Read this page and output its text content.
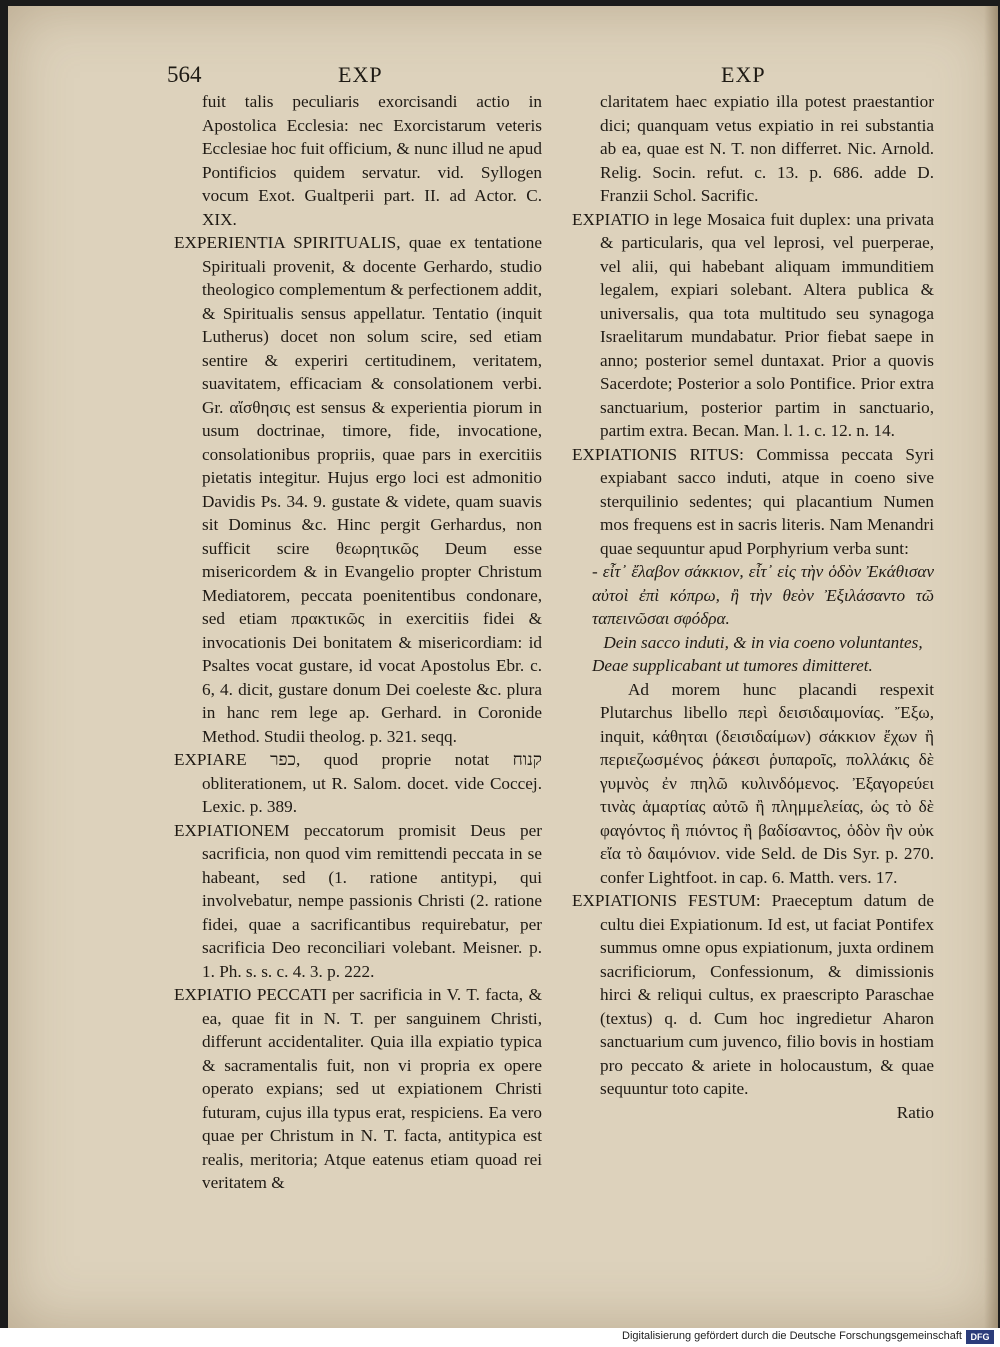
564	EXP	EXP

fuit talis peculiaris exorcisandi actio in Apostolica Ecclesia: nec Exorcistarum veteris Ecclesiae hoc fuit officium, & nunc illud ne apud Pontificios quidem servatur. vid. Syllogen vocum Exot. Gualtperii part. II. ad Actor. C. XIX.

EXPERIENTIA SPIRITUALIS, quae ex tentatione Spirituali provenit, & docente Gerhardo, studio theologico complementum & perfectionem addit, & Spiritualis sensus appellatur. Tentatio (inquit Lutherus) docet non solum scire, sed etiam sentire & experiri certitudinem, veritatem, suavitatem, efficaciam & consolationem verbi. Gr. αἴσθησις est sensus & experientia piorum in usum doctrinae, timore, fide, invocatione, consolationibus propriis, quae pars in exercitiis pietatis integitur. Hujus ergo loci est admonitio Davidis Ps. 34. 9. gustate & videte, quam suavis sit Dominus &c. Hinc pergit Gerhardus, non sufficit scire θεωρητικῶς Deum esse misericordem & in Evangelio propter Christum Mediatorem, peccata poenitentibus condonare, sed etiam πρακτικῶς in exercitiis fidei & invocationis Dei bonitatem & misericordiam: id Psaltes vocat gustare, id vocat Apostolus Ebr. c. 6, 4. dicit, gustare donum Dei coeleste &c. plura in hanc rem lege ap. Gerhard. in Coronide Method. Studii theolog. p. 321. seqq.

EXPIARE כפר, quod proprie notat קנוח obliterationem, ut R. Salom. docet. vide Coccej. Lexic. p. 389.

EXPIATIONEM peccatorum promisit Deus per sacrificia, non quod vim remittendi peccata in se habeant, sed (1. ratione antitypi, qui involvebatur, nempe passionis Christi (2. ratione fidei, quae a sacrificantibus requirebatur, per sacrificia Deo reconciliari volebant. Meisner. p. 1. Ph. s. s. c. 4. 3. p. 222.

EXPIATIO PECCATI per sacrificia in V. T. facta, & ea, quae fit in N. T. per sanguinem Christi, differunt accidentaliter. Quia illa expiatio typica & sacramentalis fuit, non vi propria ex opere operato expians; sed ut expiationem Christi futuram, cujus illa typus erat, respiciens. Ea vero quae per Christum in N. T. facta, antitypica est realis, meritoria; Atque eatenus etiam quoad rei veritatem &

claritatem haec expiatio illa potest praestantior dici; quanquam vetus expiatio in rei substantia ab ea, quae est N. T. non differret. Nic. Arnold. Relig. Socin. refut. c. 13. p. 686. adde D. Franzii Schol. Sacrific.

EXPIATIO in lege Mosaica fuit duplex: una privata & particularis, qua vel leprosi, vel puerperae, vel alii, qui habebant aliquam immunditiem legalem, expiari solebant. Altera publica & universalis, qua tota multitudo seu synagoga Israelitarum mundabatur. Prior fiebat saepe in anno; posterior semel duntaxat. Prior a quovis Sacerdote; Posterior a solo Pontifice. Prior extra sanctuarium, posterior partim in sanctuario, partim extra. Becan. Man. l. 1. c. 12. n. 14.

EXPIATIONIS RITUS: Commissa peccata Syri expiabant sacco induti, atque in coeno sive sterquilinio sedentes; qui placantium Numen mos frequens est in sacris literis. Nam Menandri quae sequuntur apud Porphyrium verba sunt:

- εἶτ᾽ ἔλαβον σάκκιον, εἶτ᾽ εἰς τὴν ὁδὸν Ἐκάθισαν αὐτοὶ ἐπὶ κόπρω, ἢ τὴν θεὸν Ἐξιλάσαντο τῶ ταπεινῶσαι σφόδρα.

Dein sacco induti, & in via coeno voluntantes,

Deae supplicabant ut tumores dimitteret.

Ad morem hunc placandi respexit Plutarchus libello περὶ δεισιδαιμονίας. Ἔξω, inquit, κάθηται (δεισιδαίμων) σάκκιον ἔχων ἢ περιεζωσμένος ῥάκεσι ῥυπαροῖς, πολλάκις δὲ γυμνὸς ἐν πηλῶ κυλινδόμενος. Ἐξαγορεύει τινὰς ἁμαρτίας αὐτῶ ἢ πλημμελείας, ὡς τὸ δὲ φαγόντος ἢ πιόντος ἢ βαδίσαντος, ὁδὸν ἣν οὐκ εἴα τὸ δαιμόνιον. vide Seld. de Dis Syr. p. 270. confer Lightfoot. in cap. 6. Matth. vers. 17.

EXPIATIONIS FESTUM: Praeceptum datum de cultu diei Expiationum. Id est, ut faciat Pontifex summus omne opus expiationum, juxta ordinem sacrificiorum, Confessionum, & dimissionis hirci & reliqui cultus, ex praescripto Paraschae (textus) q. d. Cum hoc ingredietur Aharon sanctuarium cum juvenco, filio bovis in hostiam pro peccato & ariete in holocaustum, & quae sequuntur toto capite.

Ratio

Digitalisierung gefördert durch die Deutsche Forschungsgemeinschaft DFG
